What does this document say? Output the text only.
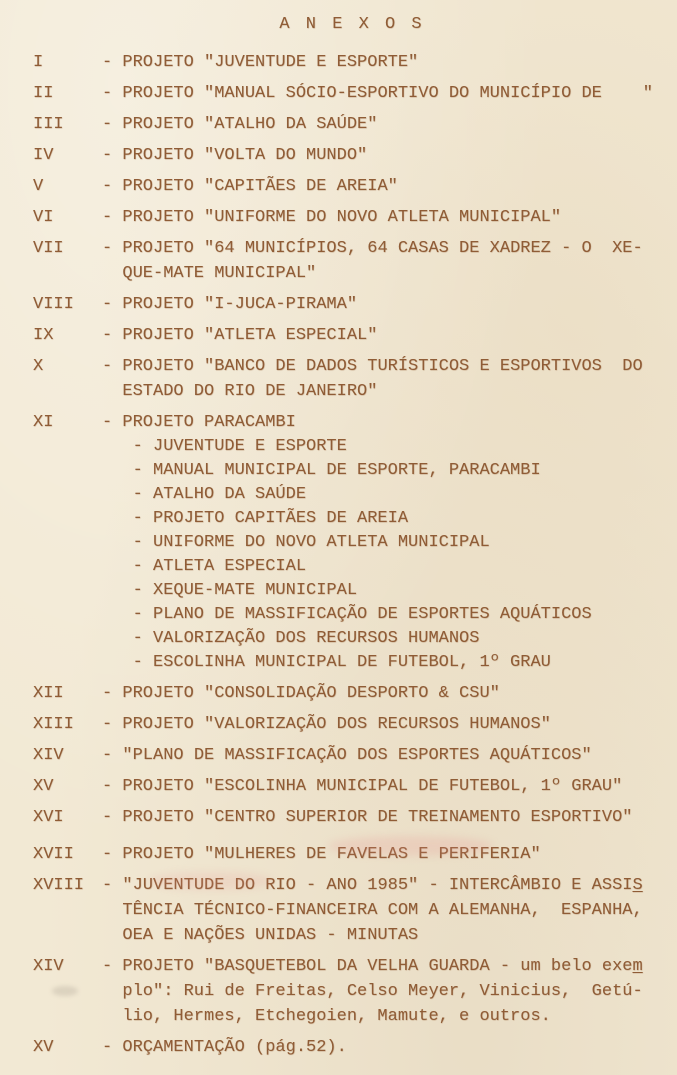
A N E X O S
I	- PROJETO "JUVENTUDE E ESPORTE"
II	- PROJETO "MANUAL SÓCIO-ESPORTIVO DO MUNICÍPIO DE    "
III	- PROJETO "ATALHO DA SAÚDE"
IV	- PROJETO "VOLTA DO MUNDO"
V	- PROJETO "CAPITÃES DE AREIA"
VI	- PROJETO "UNIFORME DO NOVO ATLETA MUNICIPAL"
VII	- PROJETO "64 MUNICÍPIOS, 64 CASAS DE XADREZ - O  XE-
QUE-MATE MUNICIPAL"
VIII	- PROJETO "I-JUCA-PIRAMA"
IX	- PROJETO "ATLETA ESPECIAL"
X	- PROJETO "BANCO DE DADOS TURÍSTICOS E ESPORTIVOS  DO
ESTADO DO RIO DE JANEIRO"
XI	- PROJETO PARACAMBI
- JUVENTUDE E ESPORTE
- MANUAL MUNICIPAL DE ESPORTE, PARACAMBI
- ATALHO DA SAÚDE
- PROJETO CAPITÃES DE AREIA
- UNIFORME DO NOVO ATLETA MUNICIPAL
- ATLETA ESPECIAL
- XEQUE-MATE MUNICIPAL
- PLANO DE MASSIFICAÇÃO DE ESPORTES AQUÁTICOS
- VALORIZAÇÃO DOS RECURSOS HUMANOS
- ESCOLINHA MUNICIPAL DE FUTEBOL, 1º GRAU
XII	- PROJETO "CONSOLIDAÇÃO DESPORTO & CSU"
XIII	- PROJETO "VALORIZAÇÃO DOS RECURSOS HUMANOS"
XIV	- "PLANO DE MASSIFICAÇÃO DOS ESPORTES AQUÁTICOS"
XV	- PROJETO "ESCOLINHA MUNICIPAL DE FUTEBOL, 1º GRAU"
XVI	- PROJETO "CENTRO SUPERIOR DE TREINAMENTO ESPORTIVO"
XVII	- PROJETO "MULHERES DE FAVELAS E PERIFERIA"
XVIII	- "JUVENTUDE DO RIO - ANO 1985" - INTERCÂMBIO E ASSIS
TÊNCIA TÉCNICO-FINANCEIRA COM A ALEMANHA,  ESPANHA,
OEA E NAÇÕES UNIDAS - MINUTAS
XIV	- PROJETO "BASQUETEBOL DA VELHA GUARDA - um belo exem
plo": Rui de Freitas, Celso Meyer, Vinicius,  Getú-
lio, Hermes, Etchegoien, Mamute, e outros.
XV	- ORÇAMENTAÇÃO (pág.52).
